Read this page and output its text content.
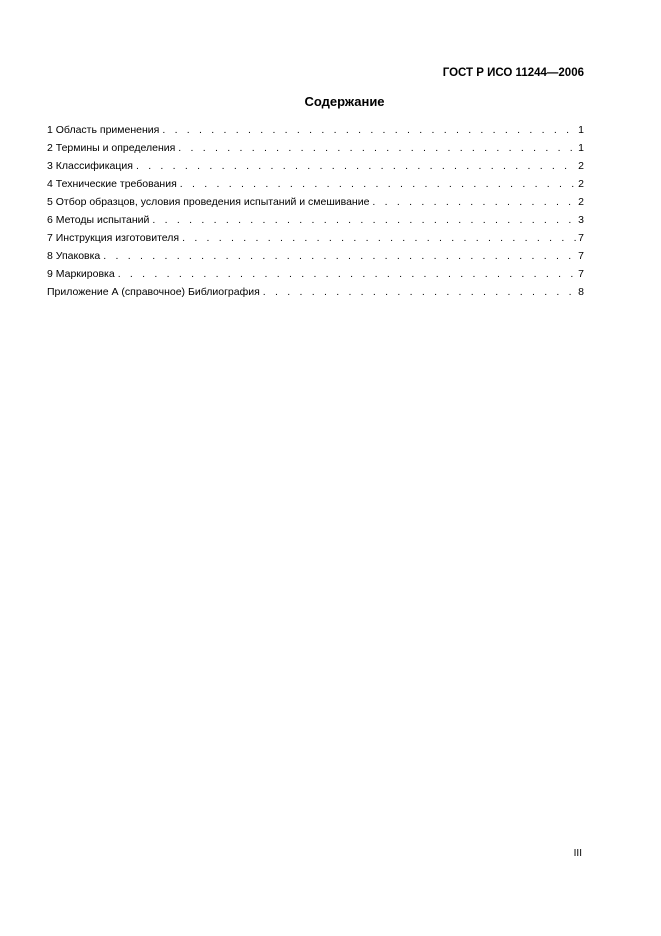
ГОСТ Р ИСО 11244—2006
Содержание
1 Область применения . . .	1
2 Термины и определения . . .	1
3 Классификация . . .	2
4 Технические требования . . .	2
5 Отбор образцов, условия проведения испытаний и смешивание . . .	2
6 Методы испытаний . . .	3
7 Инструкция изготовителя . . .	7
8 Упаковка . . .	7
9 Маркировка . . .	7
Приложение А (справочное) Библиография . . .	8
III
